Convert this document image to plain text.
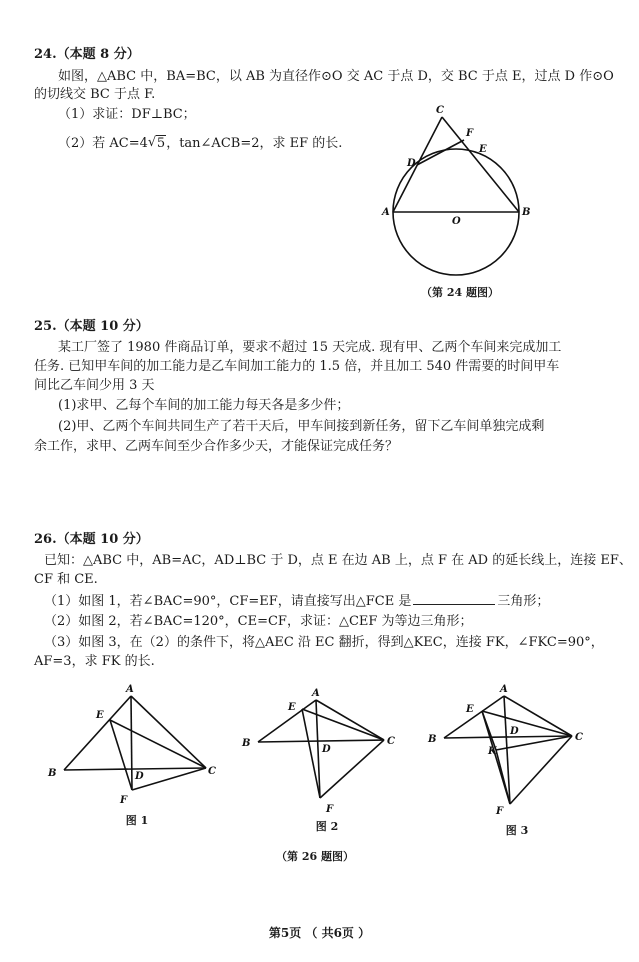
24.（本题 8 分）
如图，△ABC 中，BA=BC，以 AB 为直径作⊙O 交 AC 于点 D，交 BC 于点 E，过点 D 作⊙O
的切线交 BC 于点 F.
（1）求证：DF⊥BC；
（2）若 AC=4√ 5，tan∠ACB=2，求 EF 的长.
C
F
E
D
A	B
O
（第 24 题图）
25.（本题 10 分）
某工厂签了 1980 件商品订单，要求不超过 15 天完成. 现有甲、乙两个车间来完成加工
任务. 已知甲车间的加工能力是乙车间加工能力的 1.5 倍，并且加工 540 件需要的时间甲车
间比乙车间少用 3 天
(1)求甲、乙每个车间的加工能力每天各是多少件；
(2)甲、乙两个车间共同生产了若干天后，甲车间接到新任务，留下乙车间单独完成剩
余工作，求甲、乙两车间至少合作多少天，才能保证完成任务？
26.（本题 10 分）
已知：△ABC 中，AB=AC，AD⊥BC 于 D，点 E 在边 AB 上，点 F 在 AD 的延长线上，连接 EF、
CF 和 CE.
（1）如图 1，若∠BAC=90°，CF=EF，请直接写出△FCE 是	三角形；
（2）如图 2，若∠BAC=120°，CE=CF，求证：△CEF 为等边三角形；
（3）如图 3，在（2）的条件下，将△AEC 沿 EC 翻折，得到△KEC，连接 FK，∠FKC=90°，
AF=3，求 FK 的长.
A
E
B	D	C
F
图 1
A
E
B
D
C
F
图 2
A
E
B
D
K
C
F
图 3
（第 26 题图）
第5页 （ 共6页 ）
